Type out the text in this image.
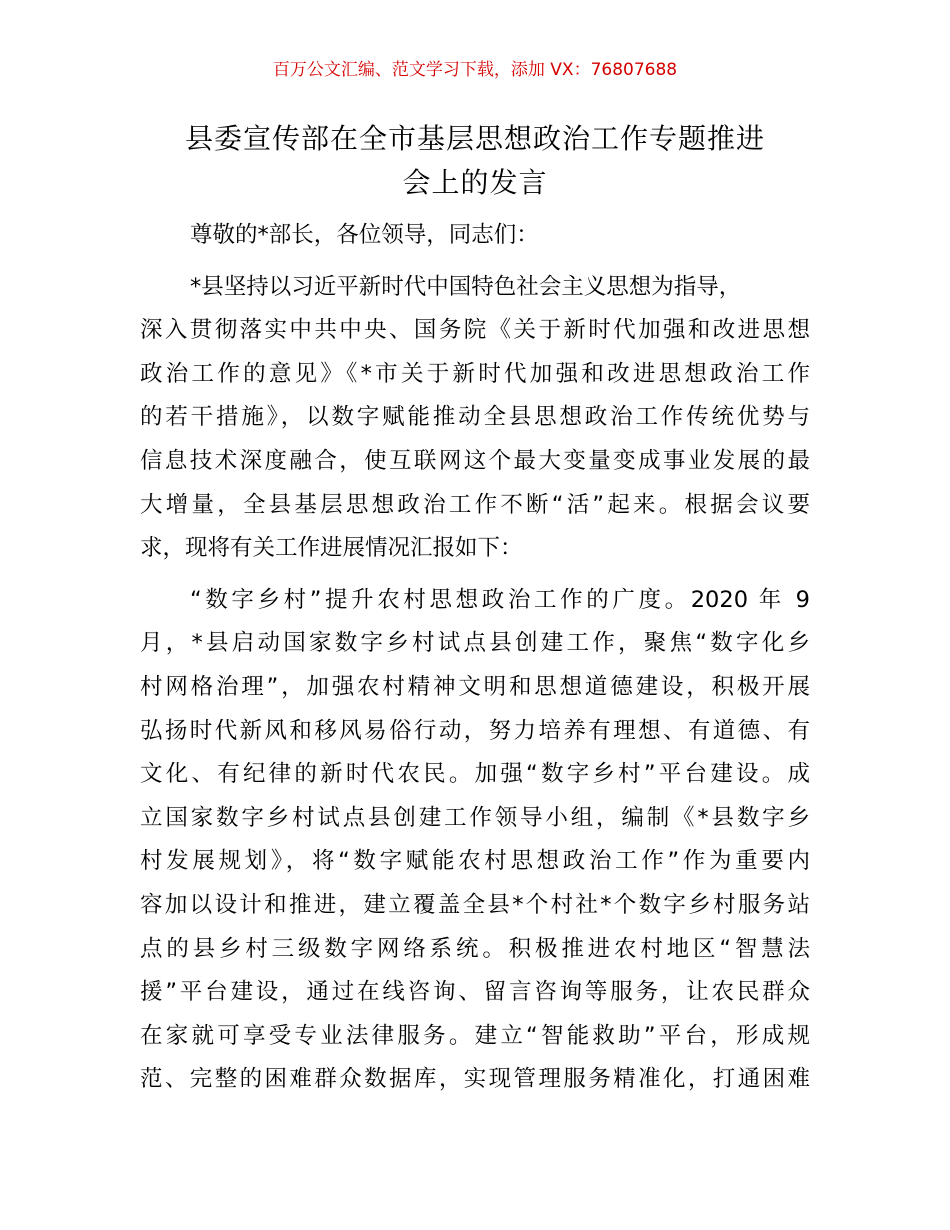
百万公文汇编、范文学习下载，添加 VX：76807688
县委宣传部在全市基层思想政治工作专题推进
会上的发言
尊敬的*部长，各位领导，同志们：
*县坚持以习近平新时代中国特色社会主义思想为指导，
深入贯彻落实中共中央、国务院《关于新时代加强和改进思想
政治工作的意见》《*市关于新时代加强和改进思想政治工作
的若干措施》，以数字赋能推动全县思想政治工作传统优势与
信息技术深度融合，使互联网这个最大变量变成事业发展的最
大增量，全县基层思想政治工作不断“活”起来。根据会议要
求，现将有关工作进展情况汇报如下：
“数字乡村”提升农村思想政治工作的广度。2020 年 9
月，*县启动国家数字乡村试点县创建工作，聚焦“数字化乡
村网格治理”，加强农村精神文明和思想道德建设，积极开展
弘扬时代新风和移风易俗行动，努力培养有理想、有道德、有
文化、有纪律的新时代农民。加强“数字乡村”平台建设。成
立国家数字乡村试点县创建工作领导小组，编制《*县数字乡
村发展规划》，将“数字赋能农村思想政治工作”作为重要内
容加以设计和推进，建立覆盖全县*个村社*个数字乡村服务站
点的县乡村三级数字网络系统。积极推进农村地区“智慧法
援”平台建设，通过在线咨询、留言咨询等服务，让农民群众
在家就可享受专业法律服务。建立“智能救助”平台，形成规
范、完整的困难群众数据库，实现管理服务精准化，打通困难
